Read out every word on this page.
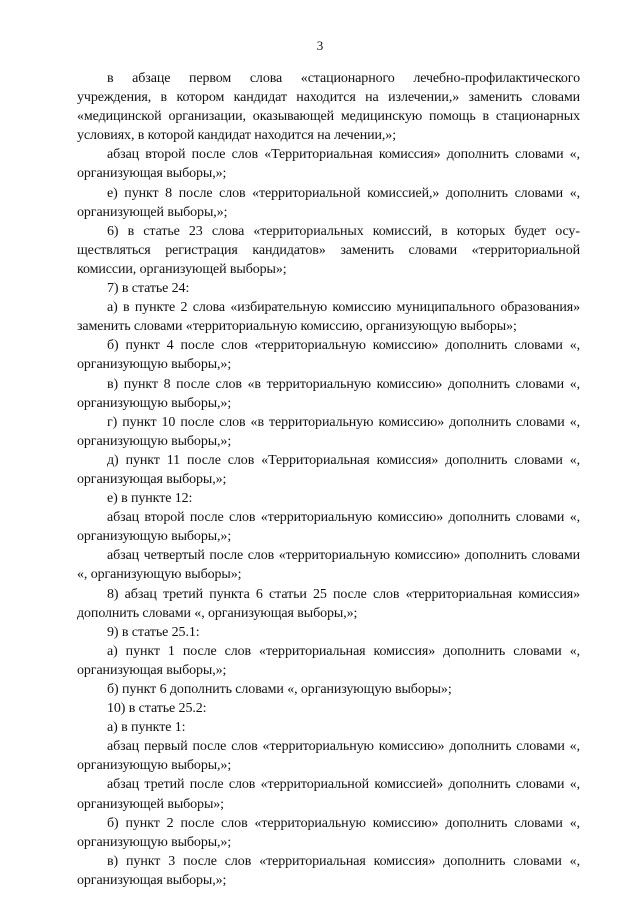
3

в абзаце первом слова «стационарного лечебно-профилактического учреждения, в котором кандидат находится на излечении,» заменить словами «медицинской организации, оказывающей медицинскую помощь в стационарных условиях, в которой кандидат находится на лечении,»;

абзац второй после слов «Территориальная комиссия» дополнить словами «, организующая выборы,»;

е) пункт 8 после слов «территориальной комиссией,» дополнить словами «, организующей выборы,»;

6) в статье 23 слова «территориальных комиссий, в которых будет осуществляться регистрация кандидатов» заменить словами «территориальной комиссии, организующей выборы»;

7) в статье 24:

а) в пункте 2 слова «избирательную комиссию муниципального образования» заменить словами «территориальную комиссию, организующую выборы»;

б) пункт 4 после слов «территориальную комиссию» дополнить словами «, организующую выборы,»;

в) пункт 8 после слов «в территориальную комиссию» дополнить словами «, организующую выборы,»;

г) пункт 10 после слов «в территориальную комиссию» дополнить словами «, организующую выборы,»;

д) пункт 11 после слов «Территориальная комиссия» дополнить словами «, организующая выборы,»;

е) в пункте 12:

абзац второй после слов «территориальную комиссию» дополнить словами «, организующую выборы,»;

абзац четвертый после слов «территориальную комиссию» дополнить словами «, организующую выборы»;

8) абзац третий пункта 6 статьи 25 после слов «территориальная комиссия» дополнить словами «, организующая выборы,»;

9) в статье 25.1:

а) пункт 1 после слов «территориальная комиссия» дополнить словами «, организующая выборы,»;

б) пункт 6 дополнить словами «, организующую выборы»;

10) в статье 25.2:

а) в пункте 1:

абзац первый после слов «территориальную комиссию» дополнить словами «, организующую выборы,»;

абзац третий после слов «территориальной комиссией» дополнить словами «, организующей выборы»;

б) пункт 2 после слов «территориальную комиссию» дополнить словами «, организующую выборы,»;

в) пункт 3 после слов «территориальная комиссия» дополнить словами «, организующая выборы,»;
